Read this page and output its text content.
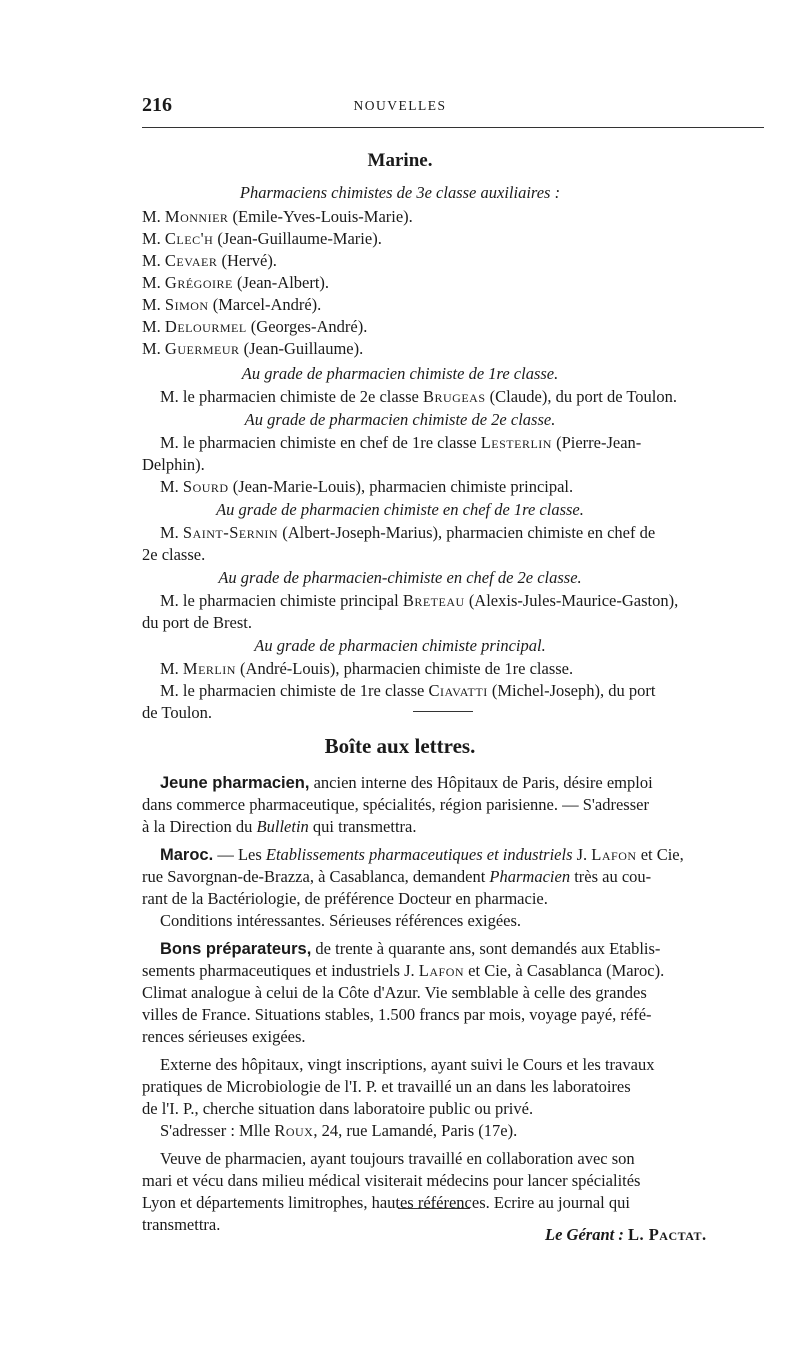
216	NOUVELLES
Marine.
Pharmaciens chimistes de 3e classe auxiliaires :
M. Monnier (Emile-Yves-Louis-Marie).
M. Clec'h (Jean-Guillaume-Marie).
M. Cevaer (Hervé).
M. Grégoire (Jean-Albert).
M. Simon (Marcel-André).
M. Delourmel (Georges-André).
M. Guermeur (Jean-Guillaume).
Au grade de pharmacien chimiste de 1re classe.
M. le pharmacien chimiste de 2e classe Brugeas (Claude), du port de Toulon.
Au grade de pharmacien chimiste de 2e classe.
M. le pharmacien chimiste en chef de 1re classe Lesterlin (Pierre-Jean-
Delphin).
M. Sourd (Jean-Marie-Louis), pharmacien chimiste principal.
Au grade de pharmacien chimiste en chef de 1re classe.
M. Saint-Sernin (Albert-Joseph-Marius), pharmacien chimiste en chef de
2e classe.
Au grade de pharmacien-chimiste en chef de 2e classe.
M. le pharmacien chimiste principal Breteau (Alexis-Jules-Maurice-Gaston),
du port de Brest.
Au grade de pharmacien chimiste principal.
M. Merlin (André-Louis), pharmacien chimiste de 1re classe.
M. le pharmacien chimiste de 1re classe Ciavatti (Michel-Joseph), du port
de Toulon.
Boîte aux lettres.
Jeune pharmacien, ancien interne des Hôpitaux de Paris, désire emploi
dans commerce pharmaceutique, spécialités, région parisienne. — S'adresser
à la Direction du Bulletin qui transmettra.
Maroc. — Les Etablissements pharmaceutiques et industriels J. Lafon et Cie,
rue Savorgnan-de-Brazza, à Casablanca, demandent Pharmacien très au cou-
rant de la Bactériologie, de préférence Docteur en pharmacie.
Conditions intéressantes. Sérieuses références exigées.
Bons préparateurs, de trente à quarante ans, sont demandés aux Etablis-
sements pharmaceutiques et industriels J. Lafon et Cie, à Casablanca (Maroc).
Climat analogue à celui de la Côte d'Azur. Vie semblable à celle des grandes
villes de France. Situations stables, 1.500 francs par mois, voyage payé, réfé-
rences sérieuses exigées.
Externe des hôpitaux, vingt inscriptions, ayant suivi le Cours et les travaux
pratiques de Microbiologie de l'I. P. et travaillé un an dans les laboratoires
de l'I. P., cherche situation dans laboratoire public ou privé.
S'adresser : Mlle Roux, 24, rue Lamandé, Paris (17e).
Veuve de pharmacien, ayant toujours travaillé en collaboration avec son
mari et vécu dans milieu médical visiterait médecins pour lancer spécialités
Lyon et départements limitrophes, hautes références. Ecrire au journal qui
transmettra.
Le Gérant : L. Pactat.
